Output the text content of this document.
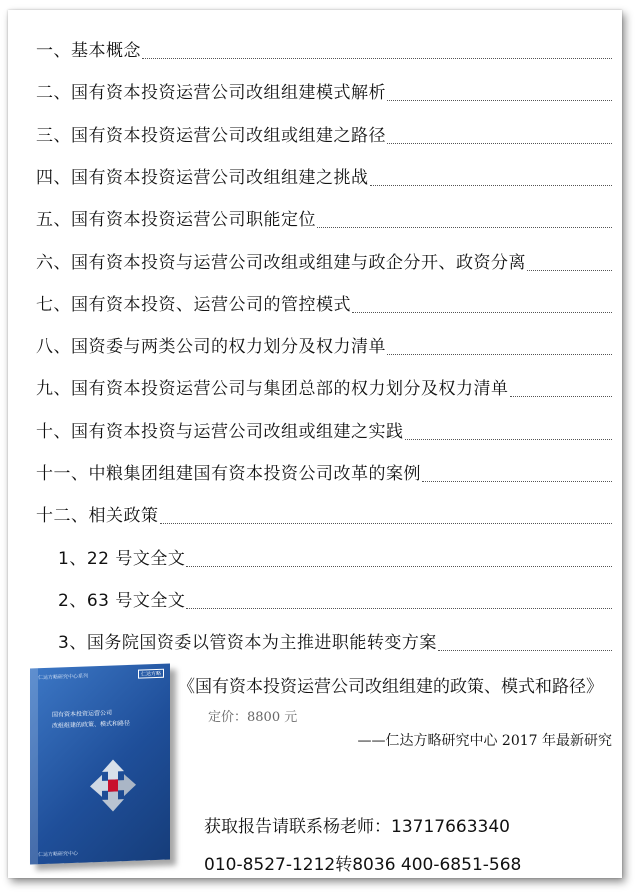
一、基本概念
二、国有资本投资运营公司改组组建模式解析
三、国有资本投资运营公司改组或组建之路径
四、国有资本投资运营公司改组组建之挑战
五、国有资本投资运营公司职能定位
六、国有资本投资与运营公司改组或组建与政企分开、政资分离
七、国有资本投资、运营公司的管控模式
八、国资委与两类公司的权力划分及权力清单
九、国有资本投资运营公司与集团总部的权力划分及权力清单
十、国有资本投资与运营公司改组或组建之实践
十一、中粮集团组建国有资本投资公司改革的案例
十二、相关政策
1、22 号文全文
2、63 号文全文
3、国务院国资委以管资本为主推进职能转变方案
仁达方略研究中心系列	仁达方略
国有资本投资运营公司
改组组建的政策、模式和路径
仁达方略研究中心
《国有资本投资运营公司改组组建的政策、模式和路径》
定价：8800 元
——仁达方略研究中心 2017 年最新研究
获取报告请联系杨老师：13717663340
010-8527-1212转8036 400-6851-568
